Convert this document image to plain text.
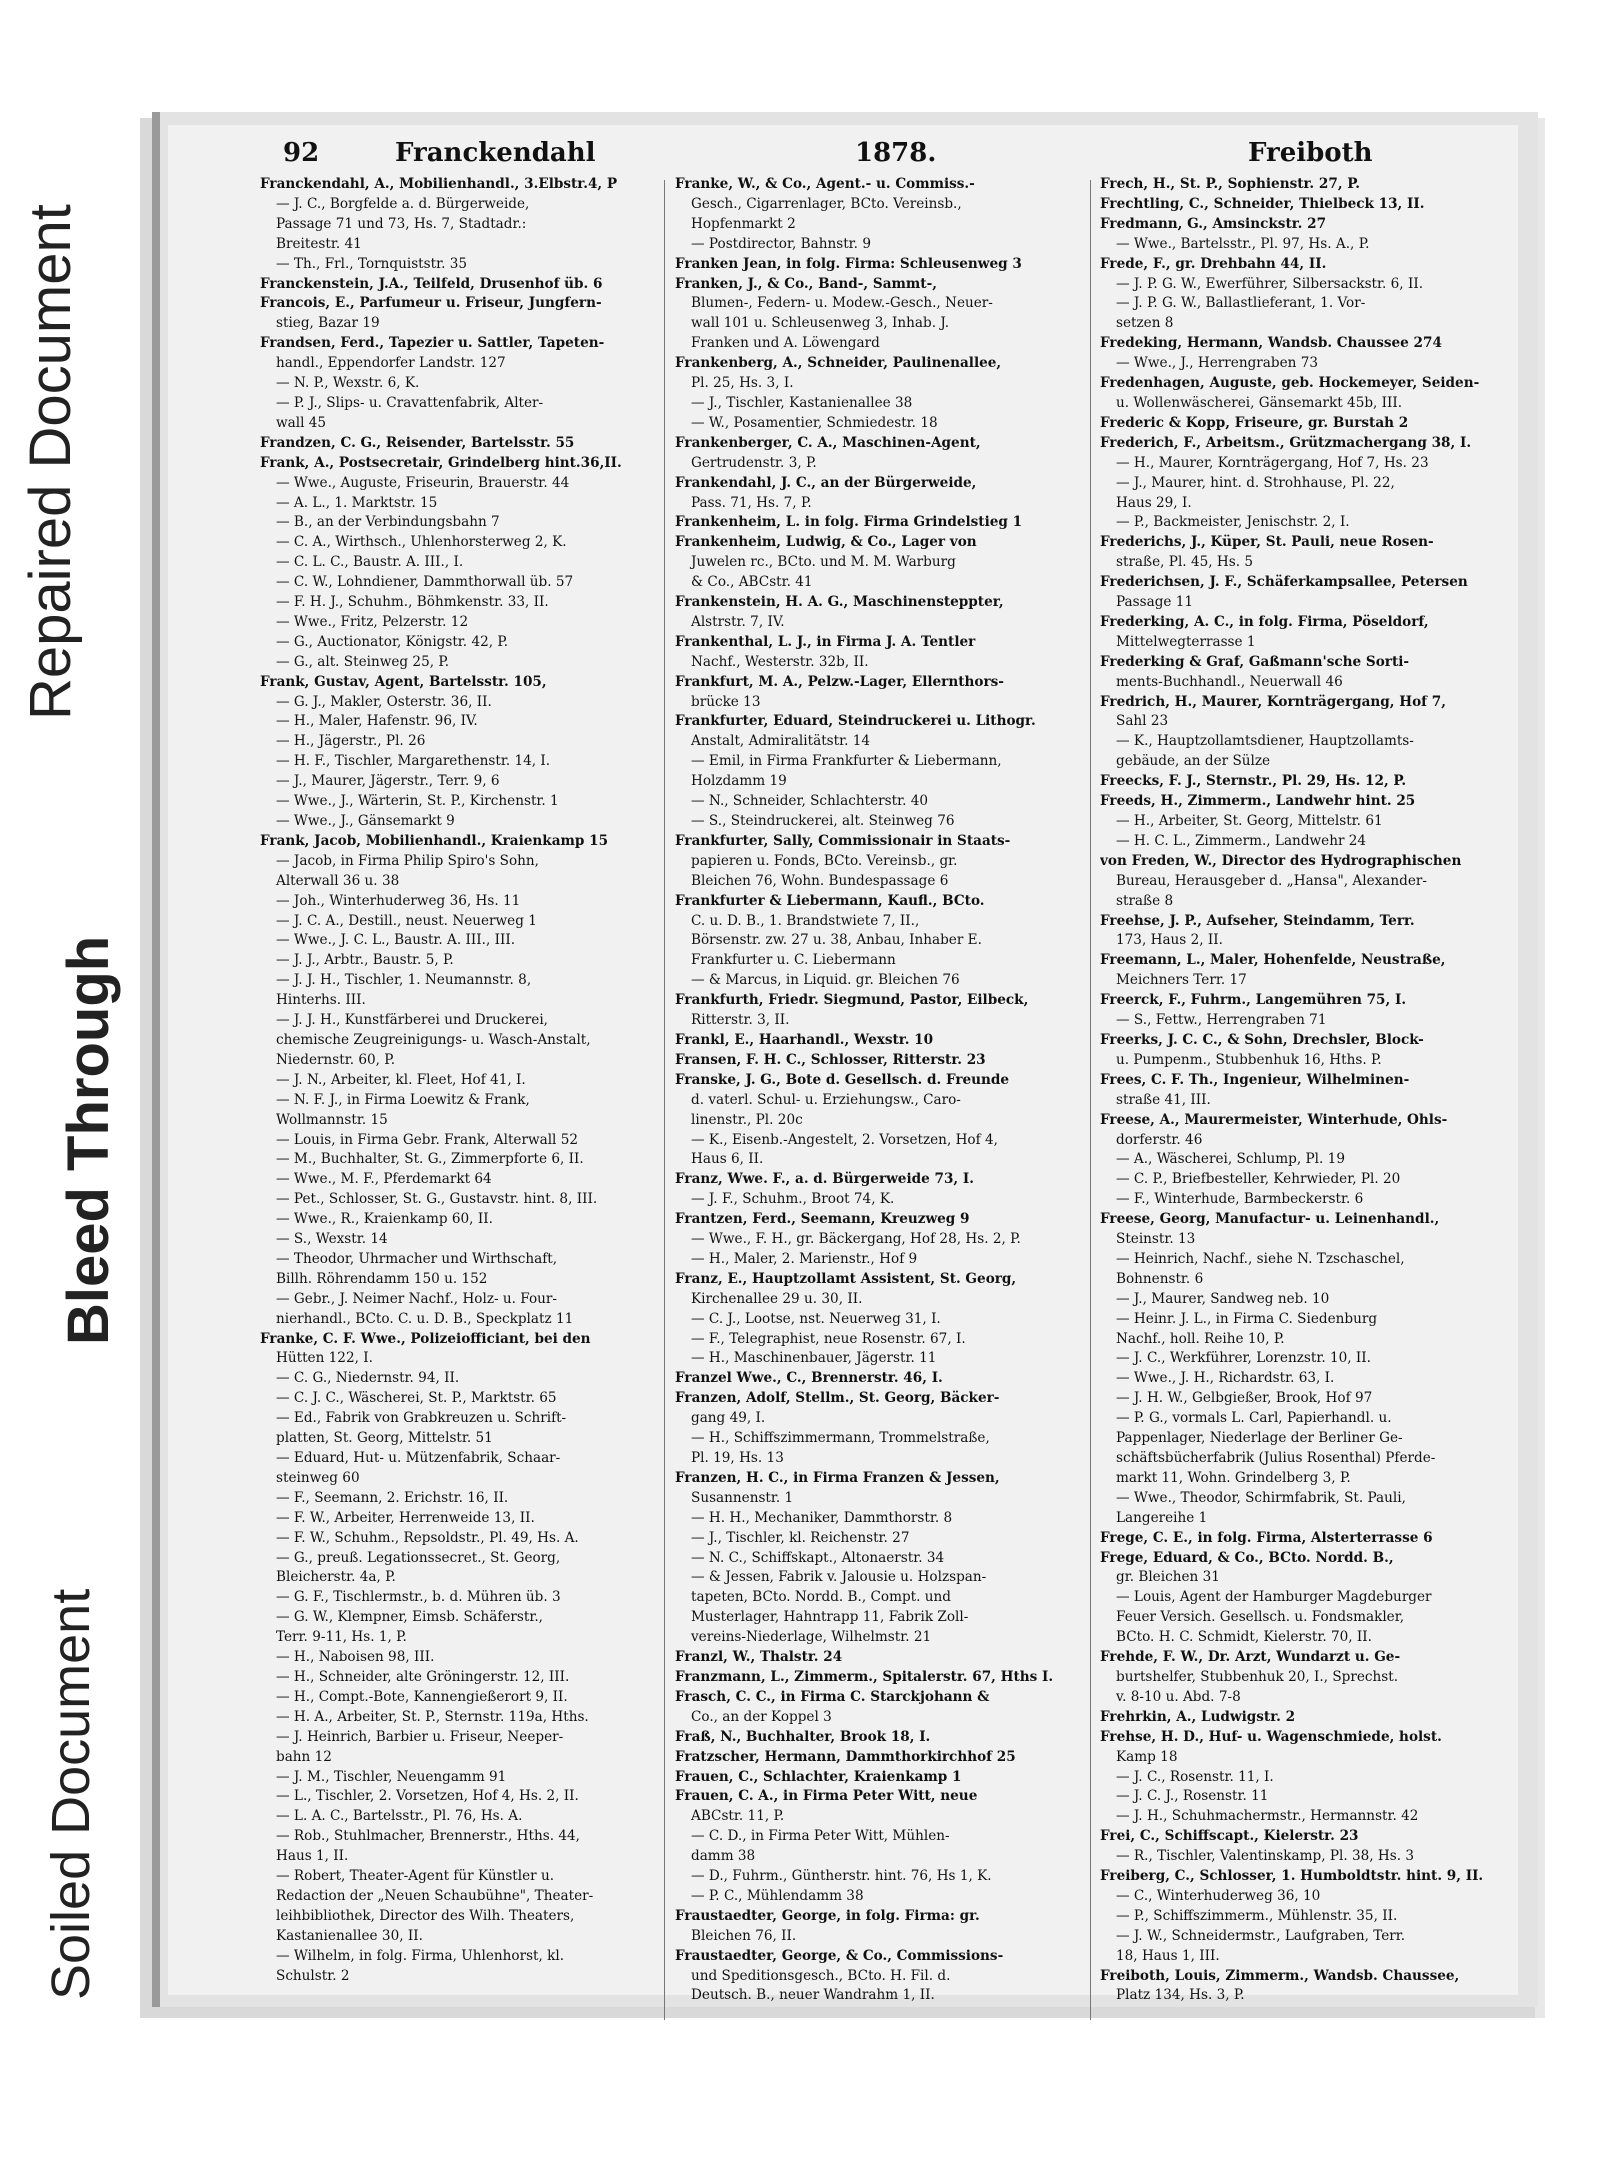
Repaired Document
Bleed Through
Soiled Document
92	Franckendahl	1878.	Freiboth
Franckendahl, A., Mobilienhandl., 3.Elbstr.4, P
— J. C., Borgfelde a. d. Bürgerweide,
Passage 71 und 73, Hs. 7, Stadtadr.:
Breitestr. 41
— Th., Frl., Tornquiststr. 35
Franckenstein, J.A., Teilfeld, Drusenhof üb. 6
Francois, E., Parfumeur u. Friseur, Jungfern-
stieg, Bazar 19
Frandsen, Ferd., Tapezier u. Sattler, Tapeten-
handl., Eppendorfer Landstr. 127
— N. P., Wexstr. 6, K.
— P. J., Slips- u. Cravattenfabrik, Alter-
wall 45
Frandzen, C. G., Reisender, Bartelsstr. 55
Frank, A., Postsecretair, Grindelberg hint.36,II.
— Wwe., Auguste, Friseurin, Brauerstr. 44
— A. L., 1. Marktstr. 15
— B., an der Verbindungsbahn 7
— C. A., Wirthsch., Uhlenhorsterweg 2, K.
— C. L. C., Baustr. A. III., I.
— C. W., Lohndiener, Dammthorwall üb. 57
— F. H. J., Schuhm., Böhmkenstr. 33, II.
— Wwe., Fritz, Pelzerstr. 12
— G., Auctionator, Königstr. 42, P.
— G., alt. Steinweg 25, P.
Frank, Gustav, Agent, Bartelsstr. 105,
— G. J., Makler, Osterstr. 36, II.
— H., Maler, Hafenstr. 96, IV.
— H., Jägerstr., Pl. 26
— H. F., Tischler, Margarethenstr. 14, I.
— J., Maurer, Jägerstr., Terr. 9, 6
— Wwe., J., Wärterin, St. P., Kirchenstr. 1
— Wwe., J., Gänsemarkt 9
Frank, Jacob, Mobilienhandl., Kraienkamp 15
— Jacob, in Firma Philip Spiro's Sohn,
Alterwall 36 u. 38
— Joh., Winterhuderweg 36, Hs. 11
— J. C. A., Destill., neust. Neuerweg 1
— Wwe., J. C. L., Baustr. A. III., III.
— J. J., Arbtr., Baustr. 5, P.
— J. J. H., Tischler, 1. Neumannstr. 8,
Hinterhs. III.
— J. J. H., Kunstfärberei und Druckerei,
chemische Zeugreinigungs- u. Wasch-Anstalt,
Niedernstr. 60, P.
— J. N., Arbeiter, kl. Fleet, Hof 41, I.
— N. F. J., in Firma Loewitz & Frank,
Wollmannstr. 15
— Louis, in Firma Gebr. Frank, Alterwall 52
— M., Buchhalter, St. G., Zimmerpforte 6, II.
— Wwe., M. F., Pferdemarkt 64
— Pet., Schlosser, St. G., Gustavstr. hint. 8, III.
— Wwe., R., Kraienkamp 60, II.
— S., Wexstr. 14
— Theodor, Uhrmacher und Wirthschaft,
Billh. Röhrendamm 150 u. 152
— Gebr., J. Neimer Nachf., Holz- u. Four-
nierhandl., BCto. C. u. D. B., Speckplatz 11
Franke, C. F. Wwe., Polizeiofficiant, bei den
Hütten 122, I.
— C. G., Niedernstr. 94, II.
— C. J. C., Wäscherei, St. P., Marktstr. 65
— Ed., Fabrik von Grabkreuzen u. Schrift-
platten, St. Georg, Mittelstr. 51
— Eduard, Hut- u. Mützenfabrik, Schaar-
steinweg 60
— F., Seemann, 2. Erichstr. 16, II.
— F. W., Arbeiter, Herrenweide 13, II.
— F. W., Schuhm., Repsoldstr., Pl. 49, Hs. A.
— G., preuß. Legationssecret., St. Georg,
Bleicherstr. 4a, P.
— G. F., Tischlermstr., b. d. Mühren üb. 3
— G. W., Klempner, Eimsb. Schäferstr.,
Terr. 9-11, Hs. 1, P.
— H., Naboisen 98, III.
— H., Schneider, alte Gröningerstr. 12, III.
— H., Compt.-Bote, Kannengießerort 9, II.
— H. A., Arbeiter, St. P., Sternstr. 119a, Hths.
— J. Heinrich, Barbier u. Friseur, Neeper-
bahn 12
— J. M., Tischler, Neuengamm 91
— L., Tischler, 2. Vorsetzen, Hof 4, Hs. 2, II.
— L. A. C., Bartelsstr., Pl. 76, Hs. A.
— Rob., Stuhlmacher, Brennerstr., Hths. 44,
Haus 1, II.
— Robert, Theater-Agent für Künstler u.
Redaction der „Neuen Schaubühne", Theater-
leihbibliothek, Director des Wilh. Theaters,
Kastanienallee 30, II.
— Wilhelm, in folg. Firma, Uhlenhorst, kl.
Schulstr. 2
Franke, W., & Co., Agent.- u. Commiss.-
Gesch., Cigarrenlager, BCto. Vereinsb.,
Hopfenmarkt 2
— Postdirector, Bahnstr. 9
Franken Jean, in folg. Firma: Schleusenweg 3
Franken, J., & Co., Band-, Sammt-,
Blumen-, Federn- u. Modew.-Gesch., Neuer-
wall 101 u. Schleusenweg 3, Inhab. J.
Franken und A. Löwengard
Frankenberg, A., Schneider, Paulinenallee,
Pl. 25, Hs. 3, I.
— J., Tischler, Kastanienallee 38
— W., Posamentier, Schmiedestr. 18
Frankenberger, C. A., Maschinen-Agent,
Gertrudenstr. 3, P.
Frankendahl, J. C., an der Bürgerweide,
Pass. 71, Hs. 7, P.
Frankenheim, L. in folg. Firma Grindelstieg 1
Frankenheim, Ludwig, & Co., Lager von
Juwelen rc., BCto. und M. M. Warburg
& Co., ABCstr. 41
Frankenstein, H. A. G., Maschinensteppter,
Alstrstr. 7, IV.
Frankenthal, L. J., in Firma J. A. Tentler
Nachf., Westerstr. 32b, II.
Frankfurt, M. A., Pelzw.-Lager, Ellernthors-
brücke 13
Frankfurter, Eduard, Steindruckerei u. Lithogr.
Anstalt, Admiralitätstr. 14
— Emil, in Firma Frankfurter & Liebermann,
Holzdamm 19
— N., Schneider, Schlachterstr. 40
— S., Steindruckerei, alt. Steinweg 76
Frankfurter, Sally, Commissionair in Staats-
papieren u. Fonds, BCto. Vereinsb., gr.
Bleichen 76, Wohn. Bundespassage 6
Frankfurter & Liebermann, Kaufl., BCto.
C. u. D. B., 1. Brandstwiete 7, II.,
Börsenstr. zw. 27 u. 38, Anbau, Inhaber E.
Frankfurter u. C. Liebermann
— & Marcus, in Liquid. gr. Bleichen 76
Frankfurth, Friedr. Siegmund, Pastor, Eilbeck,
Ritterstr. 3, II.
Frankl, E., Haarhandl., Wexstr. 10
Fransen, F. H. C., Schlosser, Ritterstr. 23
Franske, J. G., Bote d. Gesellsch. d. Freunde
d. vaterl. Schul- u. Erziehungsw., Caro-
linenstr., Pl. 20c
— K., Eisenb.-Angestelt, 2. Vorsetzen, Hof 4,
Haus 6, II.
Franz, Wwe. F., a. d. Bürgerweide 73, I.
— J. F., Schuhm., Broot 74, K.
Frantzen, Ferd., Seemann, Kreuzweg 9
— Wwe., F. H., gr. Bäckergang, Hof 28, Hs. 2, P.
— H., Maler, 2. Marienstr., Hof 9
Franz, E., Hauptzollamt Assistent, St. Georg,
Kirchenallee 29 u. 30, II.
— C. J., Lootse, nst. Neuerweg 31, I.
— F., Telegraphist, neue Rosenstr. 67, I.
— H., Maschinenbauer, Jägerstr. 11
Franzel Wwe., C., Brennerstr. 46, I.
Franzen, Adolf, Stellm., St. Georg, Bäcker-
gang 49, I.
— H., Schiffszimmermann, Trommelstraße,
Pl. 19, Hs. 13
Franzen, H. C., in Firma Franzen & Jessen,
Susannenstr. 1
— H. H., Mechaniker, Dammthorstr. 8
— J., Tischler, kl. Reichenstr. 27
— N. C., Schiffskapt., Altonaerstr. 34
— & Jessen, Fabrik v. Jalousie u. Holzspan-
tapeten, BCto. Nordd. B., Compt. und
Musterlager, Hahntrapp 11, Fabrik Zoll-
vereins-Niederlage, Wilhelmstr. 21
Franzl, W., Thalstr. 24
Franzmann, L., Zimmerm., Spitalerstr. 67, Hths I.
Frasch, C. C., in Firma C. Starckjohann &
Co., an der Koppel 3
Fraß, N., Buchhalter, Brook 18, I.
Fratzscher, Hermann, Dammthorkirchhof 25
Frauen, C., Schlachter, Kraienkamp 1
Frauen, C. A., in Firma Peter Witt, neue
ABCstr. 11, P.
— C. D., in Firma Peter Witt, Mühlen-
damm 38
— D., Fuhrm., Güntherstr. hint. 76, Hs 1, K.
— P. C., Mühlendamm 38
Fraustaedter, George, in folg. Firma: gr.
Bleichen 76, II.
Fraustaedter, George, & Co., Commissions-
und Speditionsgesch., BCto. H. Fil. d.
Deutsch. B., neuer Wandrahm 1, II.
Frech, H., St. P., Sophienstr. 27, P.
Frechtling, C., Schneider, Thielbeck 13, II.
Fredmann, G., Amsinckstr. 27
— Wwe., Bartelsstr., Pl. 97, Hs. A., P.
Frede, F., gr. Drehbahn 44, II.
— J. P. G. W., Ewerführer, Silbersackstr. 6, II.
— J. P. G. W., Ballastlieferant, 1. Vor-
setzen 8
Fredeking, Hermann, Wandsb. Chaussee 274
— Wwe., J., Herrengraben 73
Fredenhagen, Auguste, geb. Hockemeyer, Seiden-
u. Wollenwäscherei, Gänsemarkt 45b, III.
Frederic & Kopp, Friseure, gr. Burstah 2
Frederich, F., Arbeitsm., Grützmachergang 38, I.
— H., Maurer, Kornträgergang, Hof 7, Hs. 23
— J., Maurer, hint. d. Strohhause, Pl. 22,
Haus 29, I.
— P., Backmeister, Jenischstr. 2, I.
Frederichs, J., Küper, St. Pauli, neue Rosen-
straße, Pl. 45, Hs. 5
Frederichsen, J. F., Schäferkampsallee, Petersen
Passage 11
Frederking, A. C., in folg. Firma, Pöseldorf,
Mittelwegterrasse 1
Frederking & Graf, Gaßmann'sche Sorti-
ments-Buchhandl., Neuerwall 46
Fredrich, H., Maurer, Kornträgergang, Hof 7,
Sahl 23
— K., Hauptzollamtsdiener, Hauptzollamts-
gebäude, an der Sülze
Freecks, F. J., Sternstr., Pl. 29, Hs. 12, P.
Freeds, H., Zimmerm., Landwehr hint. 25
— H., Arbeiter, St. Georg, Mittelstr. 61
— H. C. L., Zimmerm., Landwehr 24
von Freden, W., Director des Hydrographischen
Bureau, Herausgeber d. „Hansa", Alexander-
straße 8
Freehse, J. P., Aufseher, Steindamm, Terr.
173, Haus 2, II.
Freemann, L., Maler, Hohenfelde, Neustraße,
Meichners Terr. 17
Freerck, F., Fuhrm., Langemühren 75, I.
— S., Fettw., Herrengraben 71
Freerks, J. C. C., & Sohn, Drechsler, Block-
u. Pumpenm., Stubbenhuk 16, Hths. P.
Frees, C. F. Th., Ingenieur, Wilhelminen-
straße 41, III.
Freese, A., Maurermeister, Winterhude, Ohls-
dorferstr. 46
— A., Wäscherei, Schlump, Pl. 19
— C. P., Briefbesteller, Kehrwieder, Pl. 20
— F., Winterhude, Barmbeckerstr. 6
Freese, Georg, Manufactur- u. Leinenhandl.,
Steinstr. 13
— Heinrich, Nachf., siehe N. Tzschaschel,
Bohnenstr. 6
— J., Maurer, Sandweg neb. 10
— Heinr. J. L., in Firma C. Siedenburg
Nachf., holl. Reihe 10, P.
— J. C., Werkführer, Lorenzstr. 10, II.
— Wwe., J. H., Richardstr. 63, I.
— J. H. W., Gelbgießer, Brook, Hof 97
— P. G., vormals L. Carl, Papierhandl. u.
Pappenlager, Niederlage der Berliner Ge-
schäftsbücherfabrik (Julius Rosenthal) Pferde-
markt 11, Wohn. Grindelberg 3, P.
— Wwe., Theodor, Schirmfabrik, St. Pauli,
Langereihe 1
Frege, C. E., in folg. Firma, Alsterterrasse 6
Frege, Eduard, & Co., BCto. Nordd. B.,
gr. Bleichen 31
— Louis, Agent der Hamburger Magdeburger
Feuer Versich. Gesellsch. u. Fondsmakler,
BCto. H. C. Schmidt, Kielerstr. 70, II.
Frehde, F. W., Dr. Arzt, Wundarzt u. Ge-
burtshelfer, Stubbenhuk 20, I., Sprechst.
v. 8-10 u. Abd. 7-8
Frehrkin, A., Ludwigstr. 2
Frehse, H. D., Huf- u. Wagenschmiede, holst.
Kamp 18
— J. C., Rosenstr. 11, I.
— J. C. J., Rosenstr. 11
— J. H., Schuhmachermstr., Hermannstr. 42
Frei, C., Schiffscapt., Kielerstr. 23
— R., Tischler, Valentinskamp, Pl. 38, Hs. 3
Freiberg, C., Schlosser, 1. Humboldtstr. hint. 9, II.
— C., Winterhuderweg 36, 10
— P., Schiffszimmerm., Mühlenstr. 35, II.
— J. W., Schneidermstr., Laufgraben, Terr.
18, Haus 1, III.
Freiboth, Louis, Zimmerm., Wandsb. Chaussee,
Platz 134, Hs. 3, P.
